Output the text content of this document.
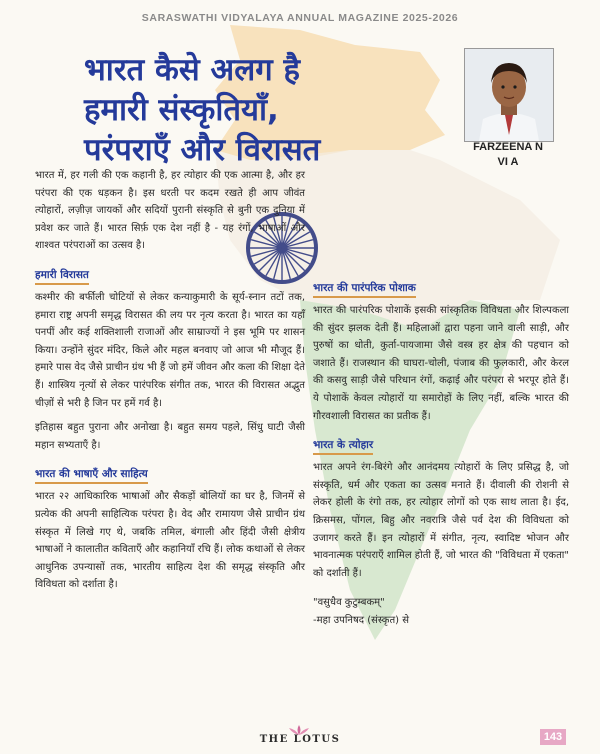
SARASWATHI VIDYALAYA ANNUAL MAGAZINE 2025-2026
भारत कैसे अलग है
हमारी संस्कृतियाँ,
परंपराएँ और विरासत	FARZEENA N
VI A

भारत में, हर गली की एक कहानी है, हर त्योहार की एक आत्मा है, और हर परंपरा की एक धड़कन है। इस धरती पर कदम रखते ही आप जीवंत त्योहारों, लज़ीज़ जायकों और सदियों पुरानी संस्कृति से बुनी एक दुनिया में प्रवेश कर जाते हैं। भारत सिर्फ़ एक देश नहीं है - यह रंगों, भाषाओं और शाश्वत परंपराओं का उत्सव है।

हमारी विरासत

कश्मीर की बर्फीली चोटियों से लेकर कन्याकुमारी के सूर्य-स्नान तटों तक, हमारा राष्ट्र अपनी समृद्ध विरासत की लय पर नृत्य करता है। भारत का यहाँ पनपीं और कई शक्तिशाली राजाओं और साम्राज्यों ने इस भूमि पर शासन किया। उन्होंने सुंदर मंदिर, किले और महल बनवाए जो आज भी मौजूद हैं। हमारे पास वेद जैसे प्राचीन ग्रंथ भी हैं जो हमें जीवन और कला की शिक्षा देते हैं। शास्त्रिय नृत्यों से लेकर पारंपरिक संगीत तक, भारत की विरासत अद्भुत चीज़ों से भरी है जिन पर हमें गर्व है।

इतिहास बहुत पुराना और अनोखा है। बहुत समय पहले, सिंधु घाटी जैसी महान सभ्यताएँ है।

भारत की भाषाएँ और साहित्य

भारत २२ आधिकारिक भाषाओं और सैकड़ों बोलियों का घर है, जिनमें से प्रत्येक की अपनी साहित्यिक परंपरा है। वेद और रामायण जैसे प्राचीन ग्रंथ संस्कृत में लिखे गए थे, जबकि तमिल, बंगाली और हिंदी जैसी क्षेत्रीय भाषाओं ने कालातीत कविताएँ और कहानियाँ रचि हैं। लोक कथाओं से लेकर आधुनिक उपन्यासों तक, भारतीय साहित्य देश की समृद्ध संस्कृति और विविधता को दर्शाता है।

भारत की पारंपरिक पोशाक

भारत की पारंपरिक पोशाकें इसकी सांस्कृतिक विविधता और शिल्पकला की सुंदर झलक देती हैं। महिलाओं द्वारा पहना जाने वाली साड़ी, और पुरुषों का धोती, कुर्ता-पायजामा जैसे वस्त्र हर क्षेत्र की पहचान को जशाते हैं। राजस्थान की घाघरा-चोली, पंजाब की फुलकारी, और केरल की कसवु साड़ी जैसे परिधान रंगों, कढ़ाई और परंपरा से भरपूर होते हैं। ये पोशाकें केवल त्योहारों या समारोहों के लिए नहीं, बल्कि भारत की गौरवशाली विरासत का प्रतीक हैं।

भारत के त्योहार

भारत अपने रंग-बिरंगे और आनंदमय त्योहारों के लिए प्रसिद्ध है, जो संस्कृति, धर्म और एकता का उत्सव मनाते हैं। दीवाली की रोशनी से लेकर होली के रंगो तक, हर त्योहार लोगों को एक साथ लाता है। ईद, क्रिसमस, पोंगल, बिहु और नवरात्रि जैसे पर्व देश की विविधता को उजागर करते हैं। इन त्योहारों में संगीत, नृत्य, स्वादिष्ट भोजन और भावनात्मक परंपराएँ शामिल होती हैं, जो भारत की "विविधता में एकता" को दर्शाती हैं।

"वसुधैव कुटुम्बकम्"
-महा उपनिषद (संस्कृत) से
THE LOTUS	143
